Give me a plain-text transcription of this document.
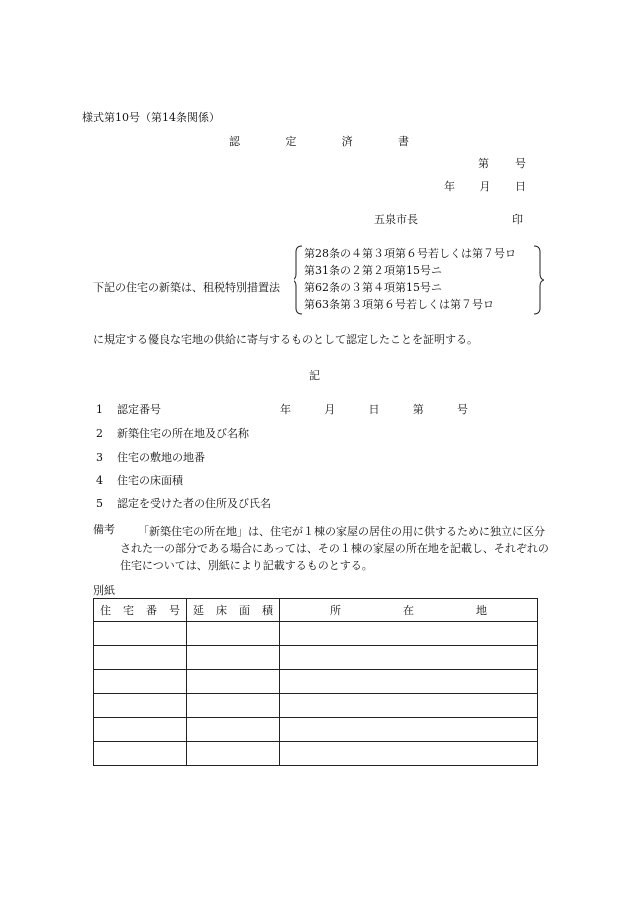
様式第10号（第14条関係）
認	定	済	書
第 号
年 月 日
五泉市長	印
下記の住宅の新築は、租税特別措置法
第28条の４第３項第６号若しくは第７号ロ
第31条の２第２項第15号ニ
第62条の３第４項第15号ニ
第63条第３項第６号若しくは第７号ロ
に規定する優良な宅地の供給に寄与するものとして認定したことを証明する。
記
1 認定番号	年	月	日	第	号
2 新築住宅の所在地及び名称
3 住宅の敷地の地番
4 住宅の床面積
5 認定を受けた者の住所及び氏名
備考	「新築住宅の所在地」は、住宅が１棟の家屋の居住の用に供するために独立に区分された一の部分である場合にあっては、その１棟の家屋の所在地を記載し、それぞれの住宅については、別紙により記載するものとする。
別紙
住 宅 番 号	延 床 面 積	所 在 地
